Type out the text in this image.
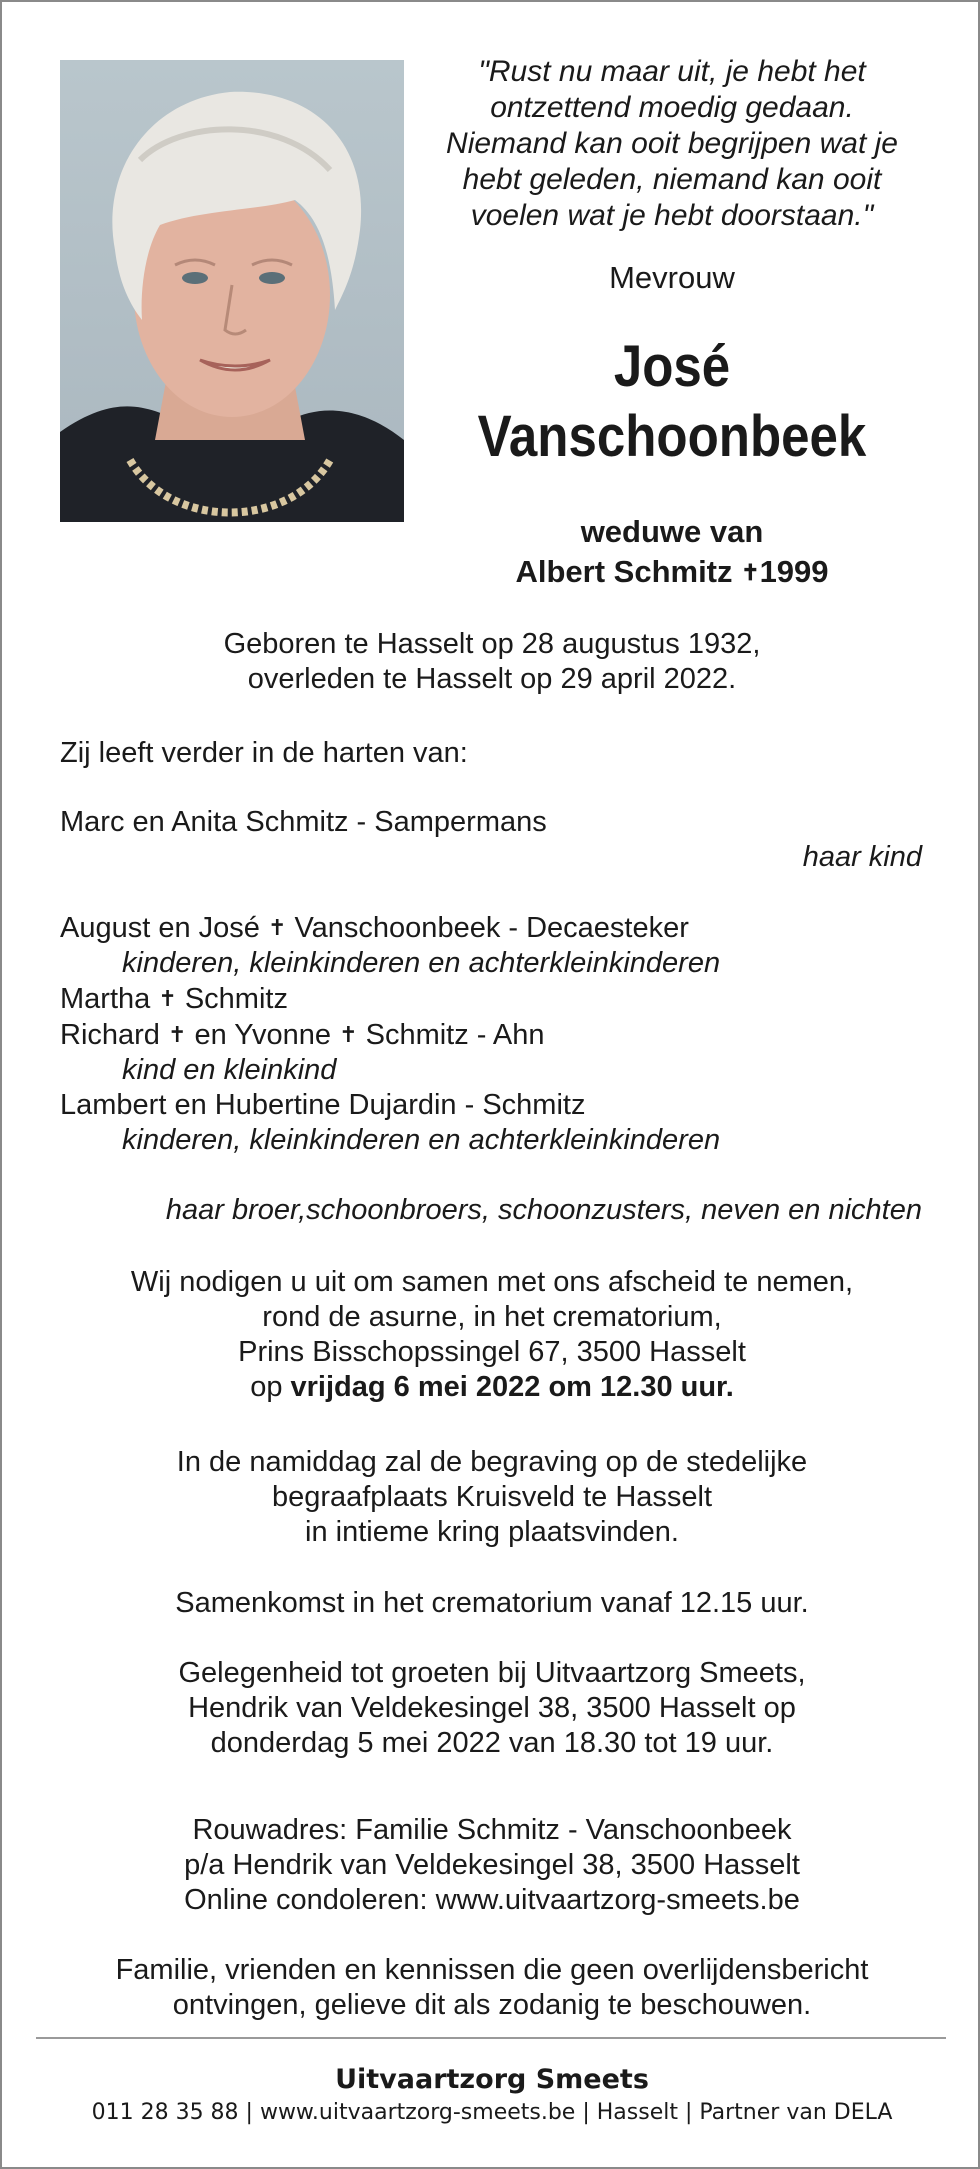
"Rust nu maar uit, je hebt het
ontzettend moedig gedaan.
Niemand kan ooit begrijpen wat je
hebt geleden, niemand kan ooit
voelen wat je hebt doorstaan."
Mevrouw
José
Vanschoonbeek
weduwe van
Albert Schmitz ✝1999
Geboren te Hasselt op 28 augustus 1932,
overleden te Hasselt op 29 april 2022.
Zij leeft verder in de harten van:
Marc en Anita Schmitz - Sampermans
haar kind
August en José ✝ Vanschoonbeek - Decaesteker
kinderen, kleinkinderen en achterkleinkinderen
Martha ✝ Schmitz
Richard ✝ en Yvonne ✝ Schmitz - Ahn
kind en kleinkind
Lambert en Hubertine Dujardin - Schmitz
kinderen, kleinkinderen en achterkleinkinderen
haar broer,schoonbroers, schoonzusters, neven en nichten
Wij nodigen u uit om samen met ons afscheid te nemen,
rond de asurne, in het crematorium,
Prins Bisschopssingel 67, 3500 Hasselt
op vrijdag 6 mei 2022 om 12.30 uur.
In de namiddag zal de begraving op de stedelijke
begraafplaats Kruisveld te Hasselt
in intieme kring plaatsvinden.
Samenkomst in het crematorium vanaf 12.15 uur.
Gelegenheid tot groeten bij Uitvaartzorg Smeets,
Hendrik van Veldekesingel 38, 3500 Hasselt op
donderdag 5 mei 2022 van 18.30 tot 19 uur.
Rouwadres: Familie Schmitz - Vanschoonbeek
p/a Hendrik van Veldekesingel 38, 3500 Hasselt
Online condoleren: www.uitvaartzorg-smeets.be
Familie, vrienden en kennissen die geen overlijdensbericht
ontvingen, gelieve dit als zodanig te beschouwen.
Uitvaartzorg Smeets
011 28 35 88 | www.uitvaartzorg-smeets.be | Hasselt | Partner van DELA
